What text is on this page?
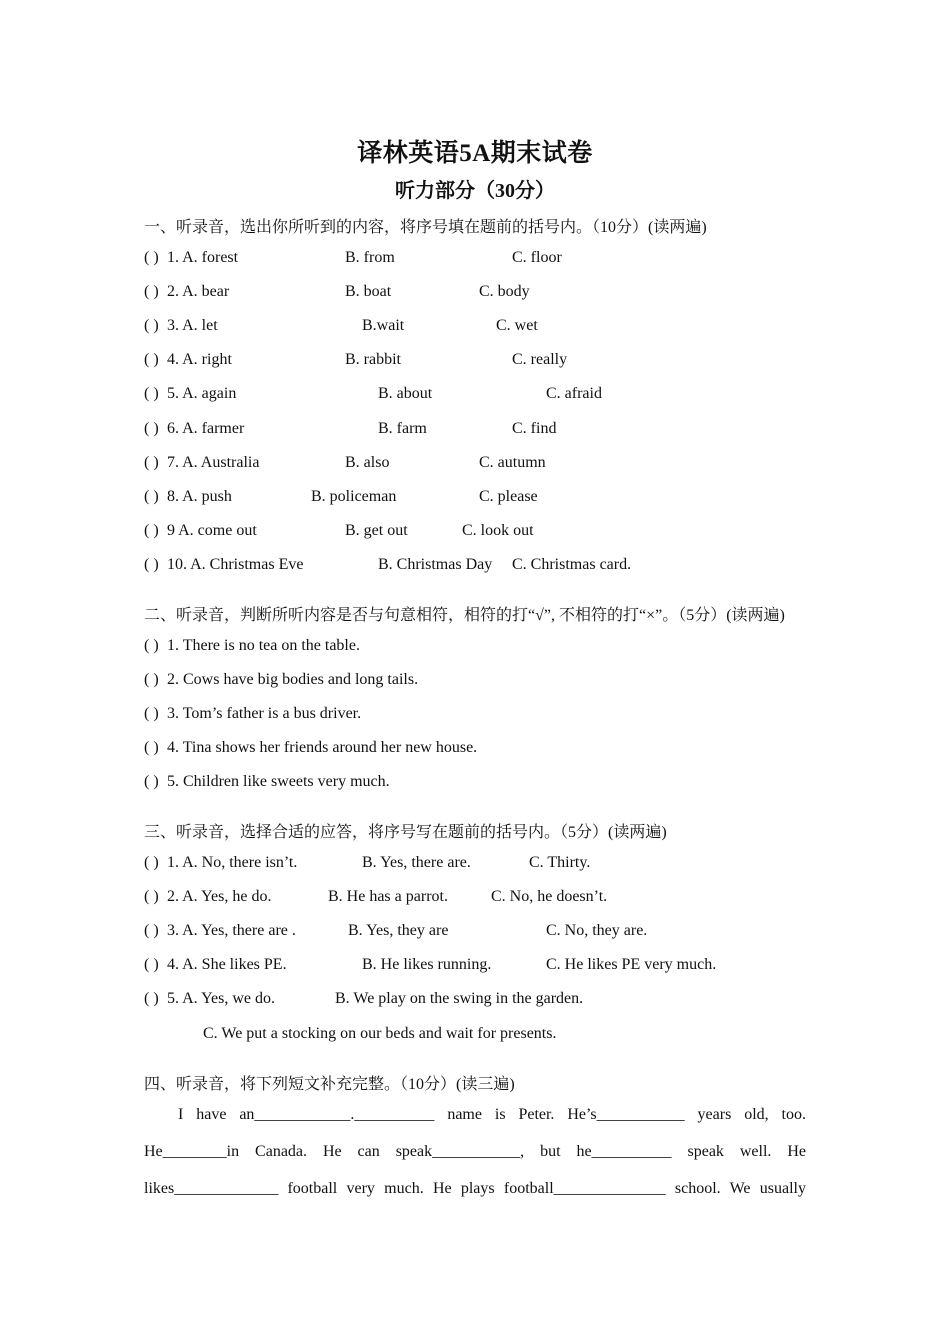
译林英语5A期末试卷
听力部分（30分）
一、听录音，选出你所听到的内容，将序号填在题前的括号内。（10分）(读两遍)
( ) 1. A. forest	B. from	C. floor
( ) 2. A. bear	B. boat	C. body
( ) 3. A. let	B.wait	C. wet
( ) 4. A. right	B. rabbit	C. really
( ) 5. A. again	B. about	C. afraid
( ) 6. A. farmer	B. farm	C. find
( ) 7. A. Australia	B. also	C. autumn
( ) 8. A. push	B. policeman	C. please
( ) 9 A. come out	B. get out	C. look out
( ) 10. A. Christmas Eve	B. Christmas Day C. Christmas card.
二、听录音，判断所听内容是否与句意相符，相符的打“√”, 不相符的打“×”。（5分）(读两遍)
( ) 1. There is no tea on the table.
( ) 2. Cows have big bodies and long tails.
( ) 3. Tom’s father is a bus driver.
( ) 4. Tina shows her friends around her new house.
( ) 5. Children like sweets very much.
三、听录音，选择合适的应答，将序号写在题前的括号内。（5分）(读两遍)
( ) 1. A. No, there isn’t.	B. Yes, there are.	C. Thirty.
( ) 2. A. Yes, he do.	B. He has a parrot.	C. No, he doesn’t.
( ) 3. A. Yes, there are .	B. Yes, they are	C. No, they are.
( ) 4. A. She likes PE.	B. He likes running.	C. He likes PE very much.
( ) 5. A. Yes, we do.	B. We play on the swing in the garden.
C. We put a stocking on our beds and wait for presents.
四、听录音，将下列短文补充完整。（10分）(读三遍)
I have an____________.__________ name is Peter. He’s___________ years old, too.
He________in Canada. He can speak___________, but he__________ speak well. He
likes_____________ football very much. He plays football______________ school. We usually
